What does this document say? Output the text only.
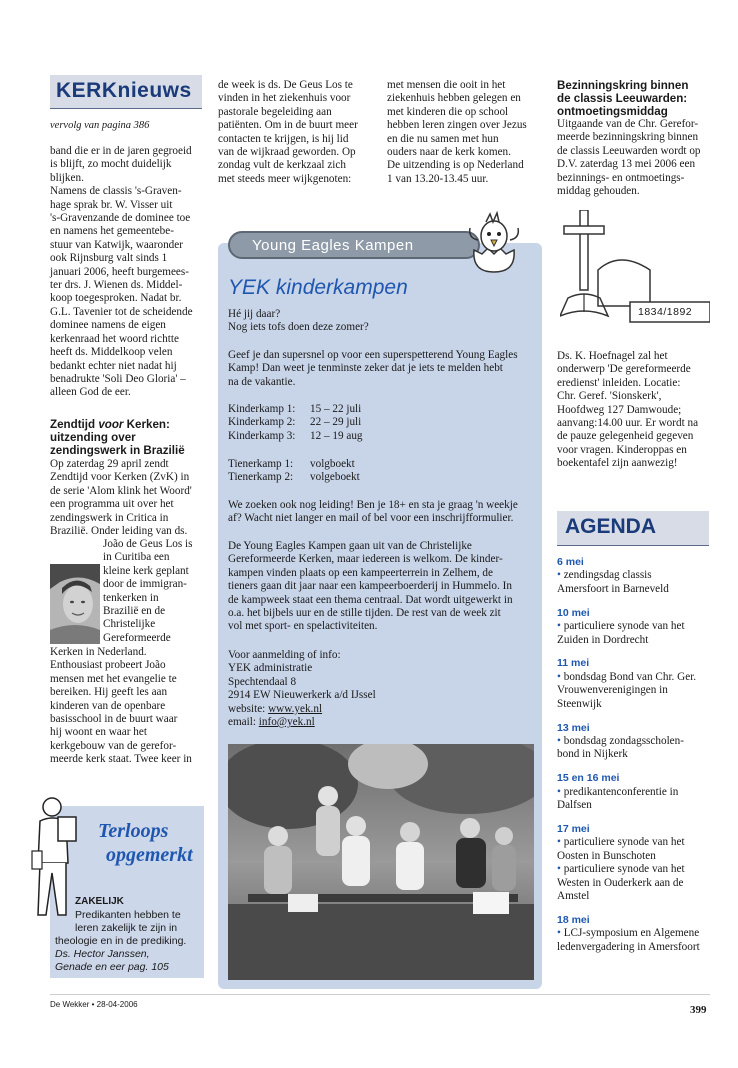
KERKnieuws
vervolg van pagina 386
band die er in de jaren gegroeid
is blijft, zo mocht duidelijk
blijken.
Namens de classis 's-Graven-
hage sprak br. W. Visser uit
's-Gravenzande de dominee toe
en namens het gemeentebe-
stuur van Katwijk, waaronder
ook Rijnsburg valt sinds 1
januari 2006, heeft burgemees-
ter drs. J. Wienen ds. Middel-
koop toegesproken. Nadat br.
G.L. Tavenier tot de scheidende
dominee namens de eigen
kerkenraad het woord richtte
heeft ds. Middelkoop velen
bedankt echter niet nadat hij
benadrukte 'Soli Deo Gloria' –
alleen God de eer.
Zendtijd voor Kerken:
uitzending over
zendingswerk in Brazilië
Op zaterdag 29 april zendt
Zendtijd voor Kerken (ZvK) in
de serie 'Alom klink het Woord'
een programma uit over het
zendingswerk in Critica in
Brazilië. Onder leiding van ds.
João de Geus Los is
in Curitiba een
kleine kerk geplant
door de immigran-
tenkerken in
Brazilië en de
Christelijke
Gereformeerde
Kerken in Nederland.
Enthousiast probeert João
mensen met het evangelie te
bereiken. Hij geeft les aan
kinderen van de openbare
basisschool in de buurt waar
hij woont en waar het
kerkgebouw van de gerefor-
meerde kerk staat. Twee keer in
de week is ds. De Geus Los te
vinden in het ziekenhuis voor
pastorale begeleiding aan
patiënten. Om in de buurt meer
contacten te krijgen, is hij lid
van de wijkraad geworden. Op
zondag vult de kerkzaal zich
met steeds meer wijkgenoten:
met mensen die ooit in het
ziekenhuis hebben gelegen en
met kinderen die op school
hebben leren zingen over Jezus
en die nu samen met hun
ouders naar de kerk komen.
De uitzending is op Nederland
1 van 13.20-13.45 uur.
Young Eagles Kampen
YEK kinderkampen
Hé jij daar?
Nog iets tofs doen deze zomer?
Geef je dan supersnel op voor een superspetterend Young Eagles
Kamp! Dan weet je tenminste zeker dat je iets te melden hebt
na de vakantie.
Kinderkamp 1: 15 – 22 juli
Kinderkamp 2: 22 – 29 juli
Kinderkamp 3: 12 – 19 aug
Tienerkamp 1: volgboekt
Tienerkamp 2: volgeboekt
We zoeken ook nog leiding! Ben je 18+ en sta je graag 'n weekje
af? Wacht niet langer en mail of bel voor een inschrijfformulier.
De Young Eagles Kampen gaan uit van de Christelijke
Gereformeerde Kerken, maar iedereen is welkom. De kinder-
kampen vinden plaats op een kampeerterrein in Zelhem, de
tieners gaan dit jaar naar een kampeerboerderij in Hummelo. In
de kampweek staat een thema centraal. Dat wordt uitgewerkt in
o.a. het bijbels uur en de stille tijden. De rest van de week zit
vol met sport- en spelactiviteiten.
Voor aanmelding of info:
YEK administratie
Spechtendaal 8
2914 EW Nieuwerkerk a/d IJssel
website: www.yek.nl
email: info@yek.nl
Bezinningskring binnen
de classis Leeuwarden:
ontmoetingsmiddag
Uitgaande van de Chr. Gerefor-
meerde bezinningskring binnen
de classis Leeuwarden wordt op
D.V. zaterdag 13 mei 2006 een
bezinnings- en ontmoetings-
middag gehouden.
1834/1892
Ds. K. Hoefnagel zal het
onderwerp 'De gereformeerde
eredienst' inleiden. Locatie:
Chr. Geref. 'Sionskerk',
Hoofdweg 127 Damwoude;
aanvang:14.00 uur. Er wordt na
de pauze gelegenheid gegeven
voor vragen. Kinderoppas en
boekentafel zijn aanwezig!
AGENDA
6 mei
• zendingsdag classis
Amersfoort in Barneveld
10 mei
• particuliere synode van het
Zuiden in Dordrecht
11 mei
• bondsdag Bond van Chr. Ger.
Vrouwenverenigingen in
Steenwijk
13 mei
• bondsdag zondagsscholen-
bond in Nijkerk
15 en 16 mei
• predikantenconferentie in
Dalfsen
17 mei
• particuliere synode van het
Oosten in Bunschoten
• particuliere synode van het
Westen in Ouderkerk aan de
Amstel
18 mei
• LCJ-symposium en Algemene
ledenvergadering in Amersfoort
Terloops
opgemerkt
ZAKELIJK
Predikanten hebben te
leren zakelijk te zijn in
theologie en in de prediking.
Ds. Hector Janssen,
Genade en eer pag. 105
De Wekker • 28-04-2006	399
